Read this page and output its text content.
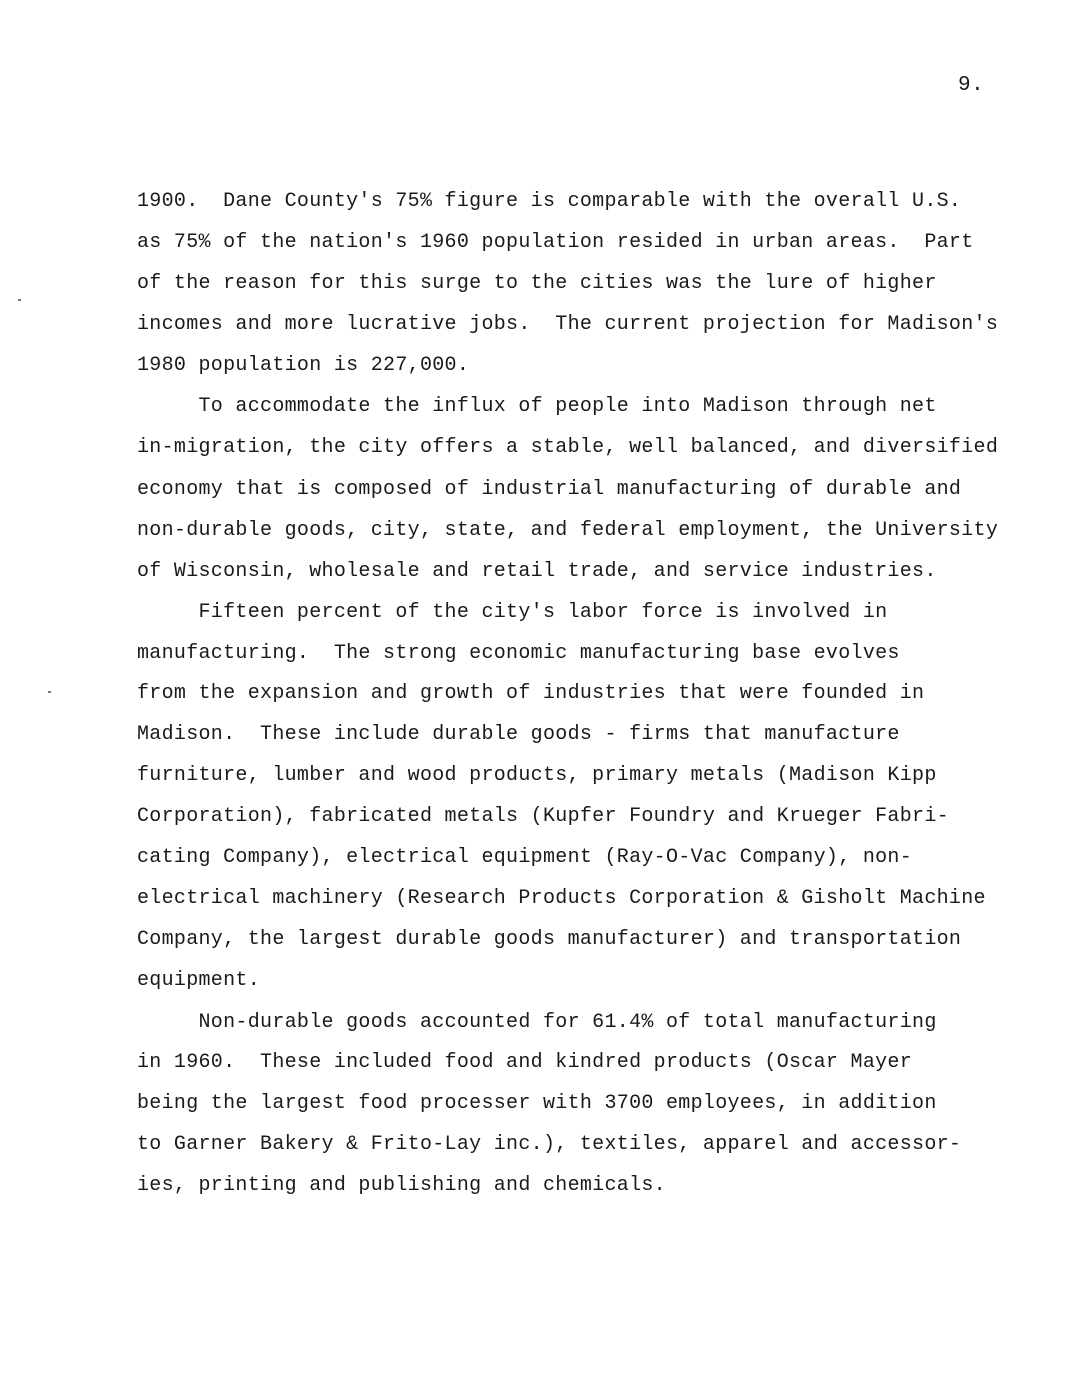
9.
1900.  Dane County's 75% figure is comparable with the overall U.S.
as 75% of the nation's 1960 population resided in urban areas.  Part
of the reason for this surge to the cities was the lure of higher
incomes and more lucrative jobs.  The current projection for Madison's
1980 population is 227,000.
To accommodate the influx of people into Madison through net
in-migration, the city offers a stable, well balanced, and diversified
economy that is composed of industrial manufacturing of durable and
non-durable goods, city, state, and federal employment, the University
of Wisconsin, wholesale and retail trade, and service industries.
Fifteen percent of the city's labor force is involved in
manufacturing.  The strong economic manufacturing base evolves
from the expansion and growth of industries that were founded in
Madison.  These include durable goods - firms that manufacture
furniture, lumber and wood products, primary metals (Madison Kipp
Corporation), fabricated metals (Kupfer Foundry and Krueger Fabri-
cating Company), electrical equipment (Ray-O-Vac Company), non-
electrical machinery (Research Products Corporation & Gisholt Machine
Company, the largest durable goods manufacturer) and transportation
equipment.
Non-durable goods accounted for 61.4% of total manufacturing
in 1960.  These included food and kindred products (Oscar Mayer
being the largest food processer with 3700 employees, in addition
to Garner Bakery & Frito-Lay inc.), textiles, apparel and accessor-
ies, printing and publishing and chemicals.
